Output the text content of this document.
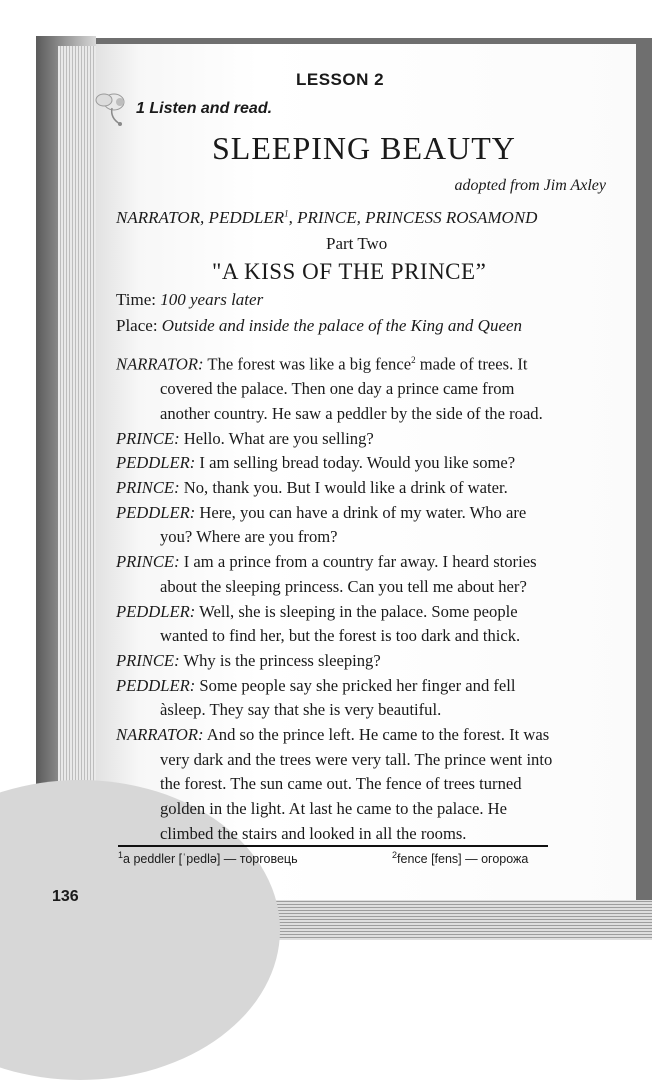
LESSON 2
1 Listen and read.
SLEEPING BEAUTY
adopted from Jim Axley
NARRATOR, PEDDLER$^1$, PRINCE, PRINCESS ROSAMOND
Part Two
"A KISS OF THE PRINCE”
Time: 100 years later
Place: Outside and inside the palace of the King and Queen
NARRATOR: The forest was like a big fence$^2$ made of trees. It
covered the palace. Then one day a prince came from
another country. He saw a peddler by the side of the road.
PRINCE: Hello. What are you selling?
PEDDLER: I am selling bread today. Would you like some?
PRINCE: No, thank you. But I would like a drink of water.
PEDDLER: Here, you can have a drink of my water. Who are
you? Where are you from?
PRINCE: I am a prince from a country far away. I heard stories
about the sleeping princess. Can you tell me about her?
PEDDLER: Well, she is sleeping in the palace. Some people
wanted to find her, but the forest is too dark and thick.
PRINCE: Why is the princess sleeping?
PEDDLER: Some people say she pricked her finger and fell
àsleep. They say that she is very beautiful.
NARRATOR: And so the prince left. He came to the forest. It was
very dark and the trees were very tall. The prince went into
the forest. The sun came out. The fence of trees turned
golden in the light. At last he came to the palace. He
climbed the stairs and looked in all the rooms.
$^1$a peddler [ˈpedlə] — торговець	$^2$fence [fens] — огорожа
136
